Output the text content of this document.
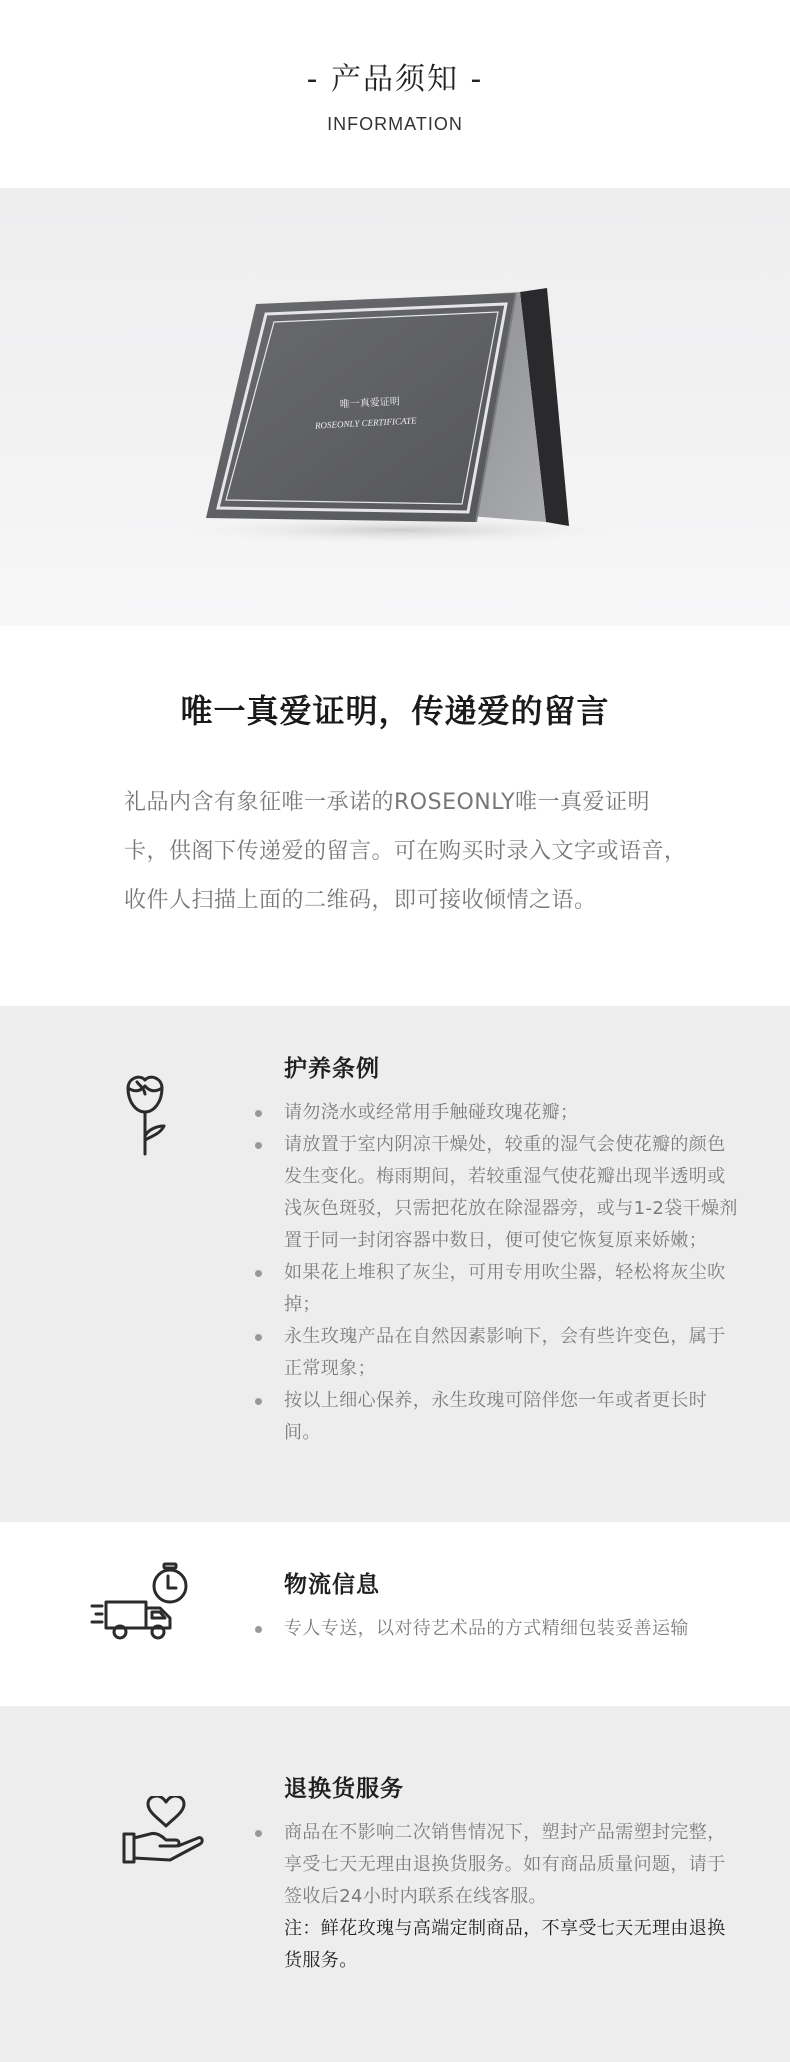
- 产品须知 -
INFORMATION
唯一真爱证明
ROSEONLY CERTIFICATE
唯一真爱证明，传递爱的留言

礼品内含有象征唯一承诺的ROSEONLY唯一真爱证明卡，供阁下传递爱的留言。可在购买时录入文字或语音，收件人扫描上面的二维码，即可接收倾情之语。

护养条例
请勿浇水或经常用手触碰玫瑰花瓣；
请放置于室内阴凉干燥处，较重的湿气会使花瓣的颜色发生变化。梅雨期间，若较重湿气使花瓣出现半透明或浅灰色斑驳，只需把花放在除湿器旁，或与1-2袋干燥剂置于同一封闭容器中数日，便可使它恢复原来娇嫩；
如果花上堆积了灰尘，可用专用吹尘器，轻松将灰尘吹掉；
永生玫瑰产品在自然因素影响下，会有些许变色，属于正常现象；
按以上细心保养，永生玫瑰可陪伴您一年或者更长时间。
物流信息
专人专送，以对待艺术品的方式精细包装妥善运输
退换货服务
商品在不影响二次销售情况下，塑封产品需塑封完整，享受七天无理由退换货服务。如有商品质量问题，请于签收后24小时内联系在线客服。
注：鲜花玫瑰与高端定制商品，不享受七天无理由退换货服务。
